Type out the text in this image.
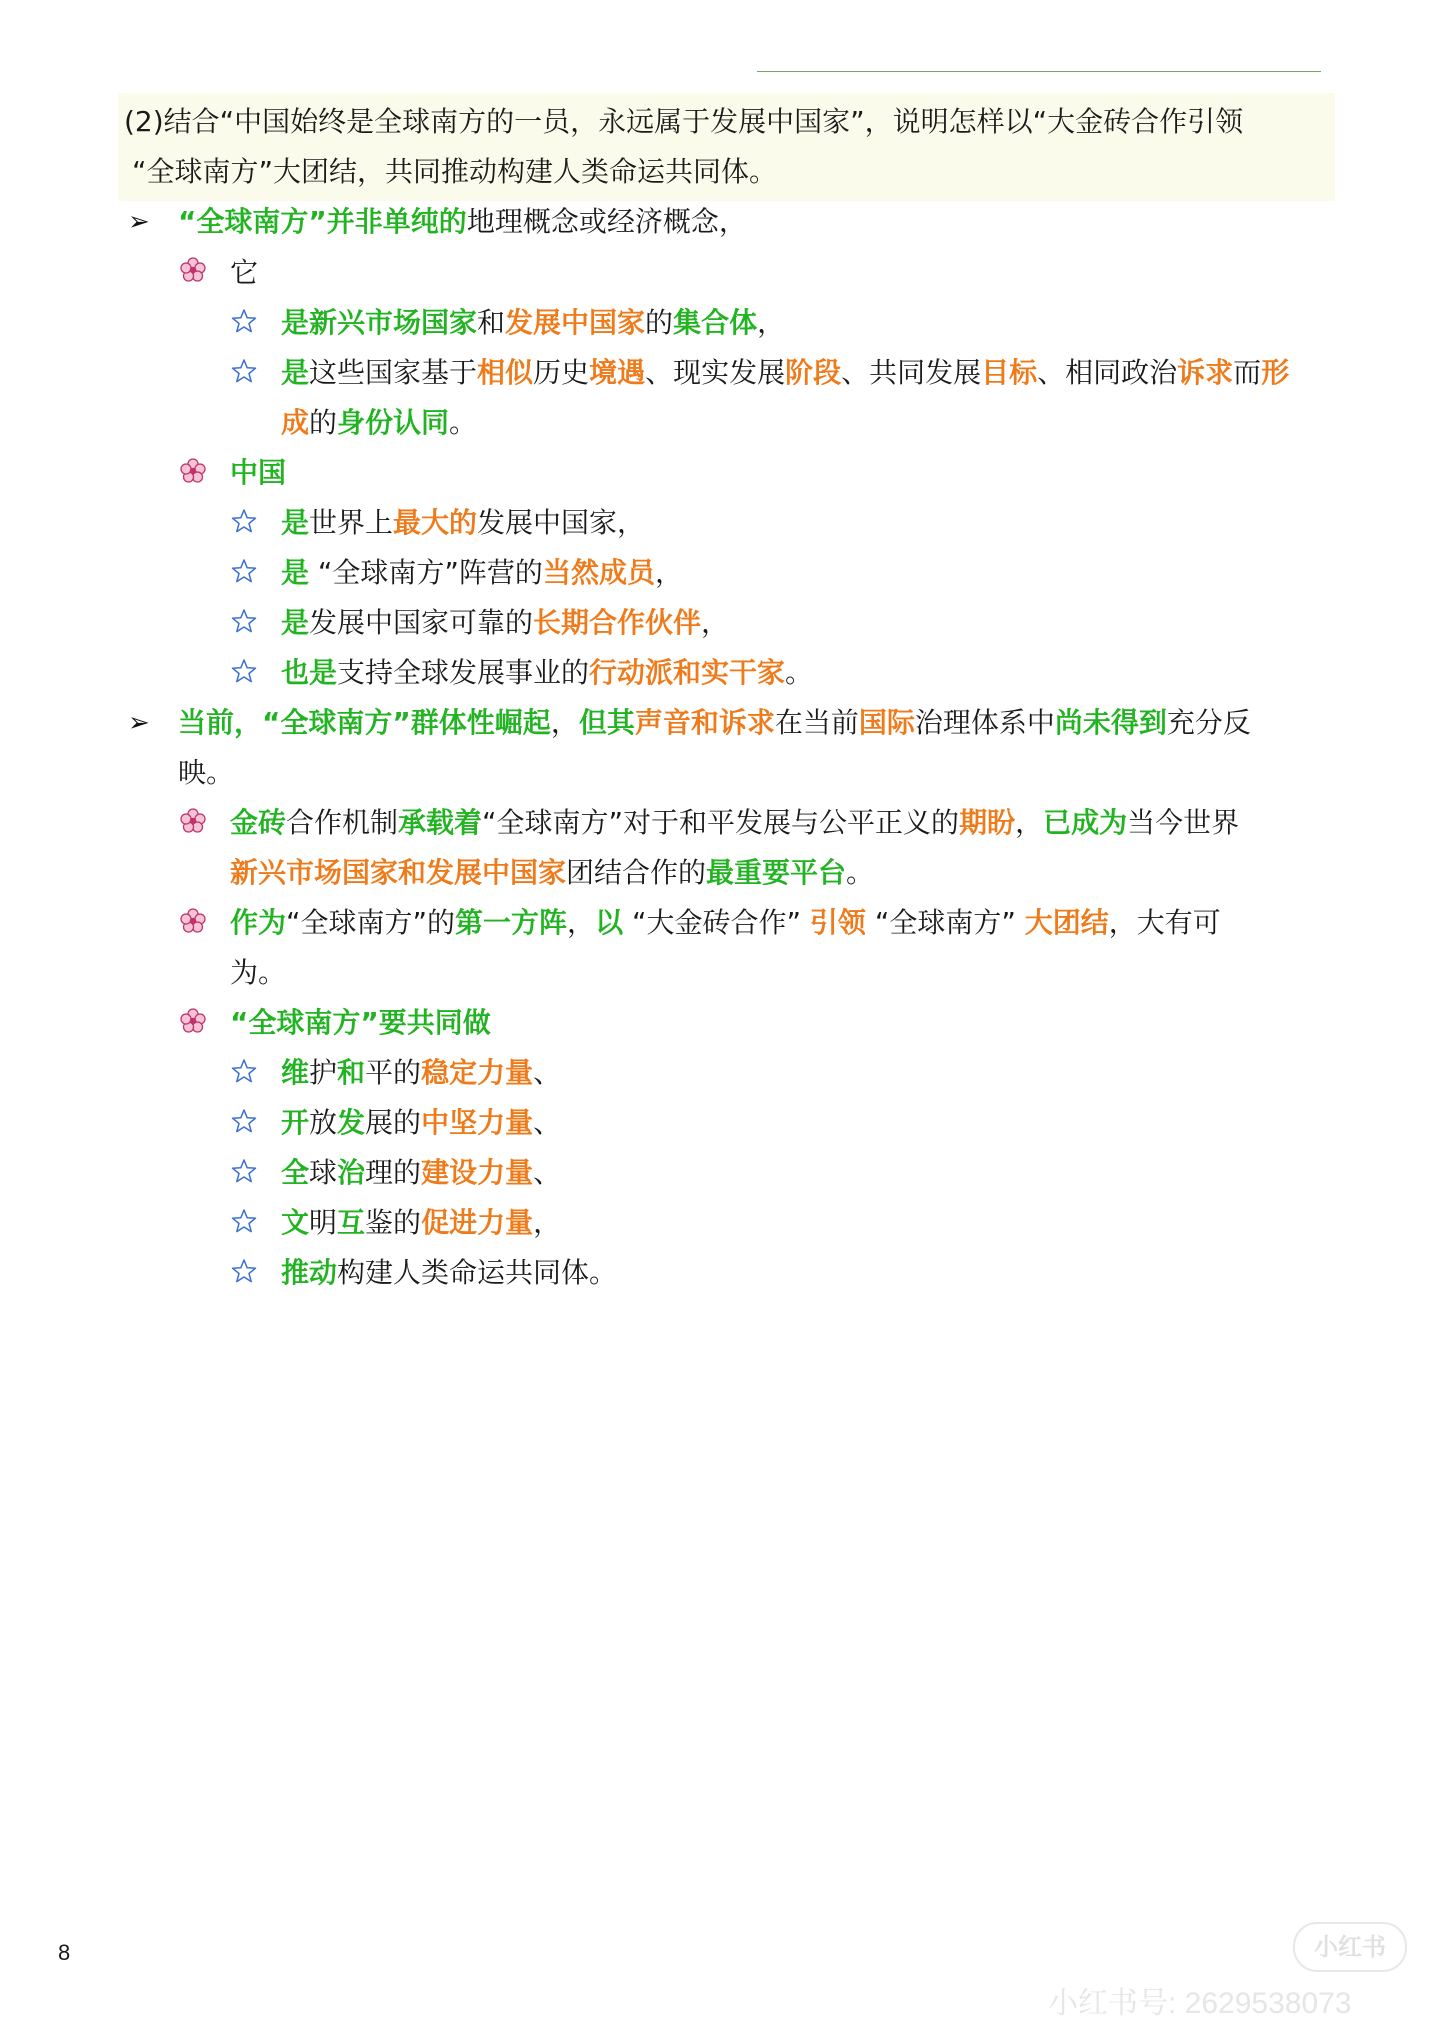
(2)结合“中国始终是全球南方的一员，永远属于发展中国家”，说明怎样以“大金砖合作引领
“全球南方”大团结，共同推动构建人类命运共同体。
➢ “全球南方”并非单纯的地理概念或经济概念，
它
是新兴市场国家和发展中国家的集合体，
是这些国家基于相似历史境遇、现实发展阶段、共同发展目标、相同政治诉求而形
成的身份认同。
中国
是世界上最大的发展中国家，
是 “全球南方”阵营的当然成员，
是发展中国家可靠的长期合作伙伴，
也是支持全球发展事业的行动派和实干家。
➢ 当前，“全球南方”群体性崛起，但其声音和诉求在当前国际治理体系中尚未得到充分反
映。
金砖合作机制承载着“全球南方”对于和平发展与公平正义的期盼，已成为当今世界
新兴市场国家和发展中国家团结合作的最重要平台。
作为“全球南方”的第一方阵，以 “大金砖合作” 引领 “全球南方” 大团结，大有可
为。
“全球南方”要共同做
维护和平的稳定力量、
开放发展的中坚力量、
全球治理的建设力量、
文明互鉴的促进力量，
推动构建人类命运共同体。
8	小红书
小红书号: 2629538073
